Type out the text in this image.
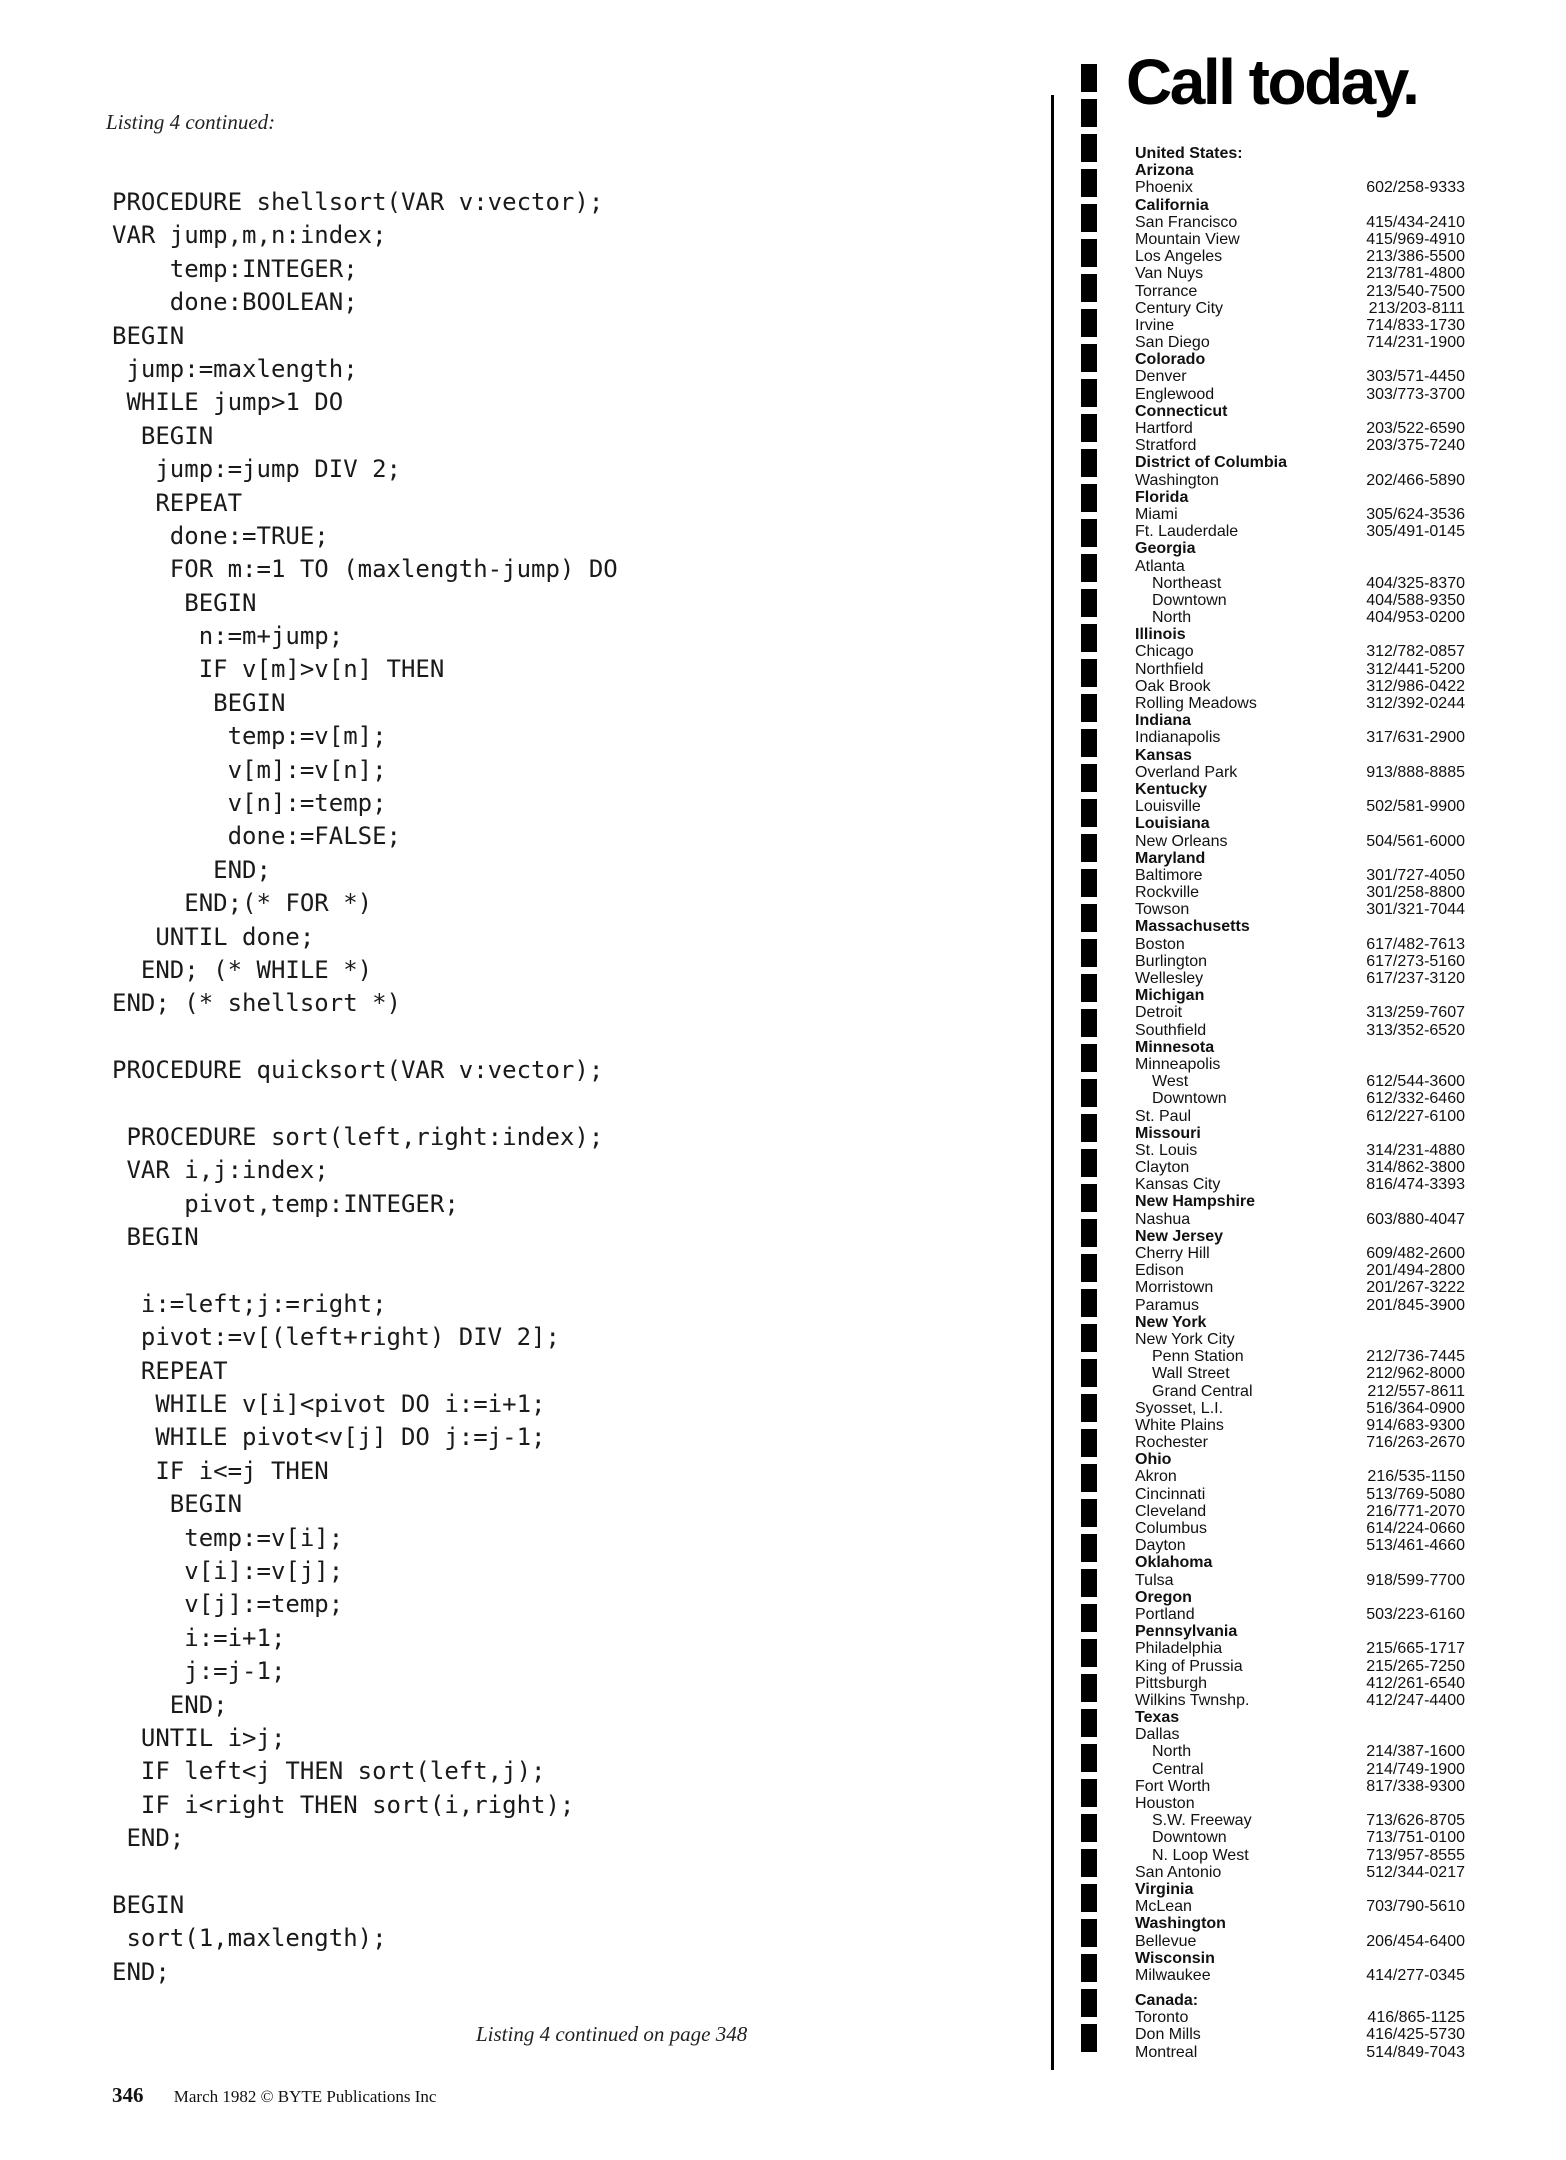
Listing 4 continued:
PROCEDURE shellsort(VAR v:vector);
VAR jump,m,n:index;
temp:INTEGER;
done:BOOLEAN;
BEGIN
jump:=maxlength;
WHILE jump>1 DO
BEGIN
jump:=jump DIV 2;
REPEAT
done:=TRUE;
FOR m:=1 TO (maxlength-jump) DO
BEGIN
n:=m+jump;
IF v[m]>v[n] THEN
BEGIN
temp:=v[m];
v[m]:=v[n];
v[n]:=temp;
done:=FALSE;
END;
END;(* FOR *)
UNTIL done;
END; (* WHILE *)
END; (* shellsort *)
PROCEDURE quicksort(VAR v:vector);
PROCEDURE sort(left,right:index);
VAR i,j:index;
pivot,temp:INTEGER;
BEGIN
i:=left;j:=right;
pivot:=v[(left+right) DIV 2];
REPEAT
WHILE v[i]<pivot DO i:=i+1;
WHILE pivot<v[j] DO j:=j-1;
IF i<=j THEN
BEGIN
temp:=v[i];
v[i]:=v[j];
v[j]:=temp;
i:=i+1;
j:=j-1;
END;
UNTIL i>j;
IF left<j THEN sort(left,j);
IF i<right THEN sort(i,right);
END;
BEGIN
sort(1,maxlength);
END;
Listing 4 continued on page 348
346 March 1982 © BYTE Publications Inc
Call today.
United States:
Arizona
Phoenix	602/258-9333
California
San Francisco	415/434-2410
Mountain View	415/969-4910
Los Angeles	213/386-5500
Van Nuys	213/781-4800
Torrance	213/540-7500
Century City	213/203-8111
Irvine	714/833-1730
San Diego	714/231-1900
Colorado
Denver	303/571-4450
Englewood	303/773-3700
Connecticut
Hartford	203/522-6590
Stratford	203/375-7240
District of Columbia
Washington	202/466-5890
Florida
Miami	305/624-3536
Ft. Lauderdale	305/491-0145
Georgia
Atlanta
Northeast	404/325-8370
Downtown	404/588-9350
North	404/953-0200
Illinois
Chicago	312/782-0857
Northfield	312/441-5200
Oak Brook	312/986-0422
Rolling Meadows	312/392-0244
Indiana
Indianapolis	317/631-2900
Kansas
Overland Park	913/888-8885
Kentucky
Louisville	502/581-9900
Louisiana
New Orleans	504/561-6000
Maryland
Baltimore	301/727-4050
Rockville	301/258-8800
Towson	301/321-7044
Massachusetts
Boston	617/482-7613
Burlington	617/273-5160
Wellesley	617/237-3120
Michigan
Detroit	313/259-7607
Southfield	313/352-6520
Minnesota
Minneapolis
West	612/544-3600
Downtown	612/332-6460
St. Paul	612/227-6100
Missouri
St. Louis	314/231-4880
Clayton	314/862-3800
Kansas City	816/474-3393
New Hampshire
Nashua	603/880-4047
New Jersey
Cherry Hill	609/482-2600
Edison	201/494-2800
Morristown	201/267-3222
Paramus	201/845-3900
New York
New York City
Penn Station	212/736-7445
Wall Street	212/962-8000
Grand Central	212/557-8611
Syosset, L.I.	516/364-0900
White Plains	914/683-9300
Rochester	716/263-2670
Ohio
Akron	216/535-1150
Cincinnati	513/769-5080
Cleveland	216/771-2070
Columbus	614/224-0660
Dayton	513/461-4660
Oklahoma
Tulsa	918/599-7700
Oregon
Portland	503/223-6160
Pennsylvania
Philadelphia	215/665-1717
King of Prussia	215/265-7250
Pittsburgh	412/261-6540
Wilkins Twnshp.	412/247-4400
Texas
Dallas
North	214/387-1600
Central	214/749-1900
Fort Worth	817/338-9300
Houston
S.W. Freeway	713/626-8705
Downtown	713/751-0100
N. Loop West	713/957-8555
San Antonio	512/344-0217
Virginia
McLean	703/790-5610
Washington
Bellevue	206/454-6400
Wisconsin
Milwaukee	414/277-0345
Canada:
Toronto	416/865-1125
Don Mills	416/425-5730
Montreal	514/849-7043
